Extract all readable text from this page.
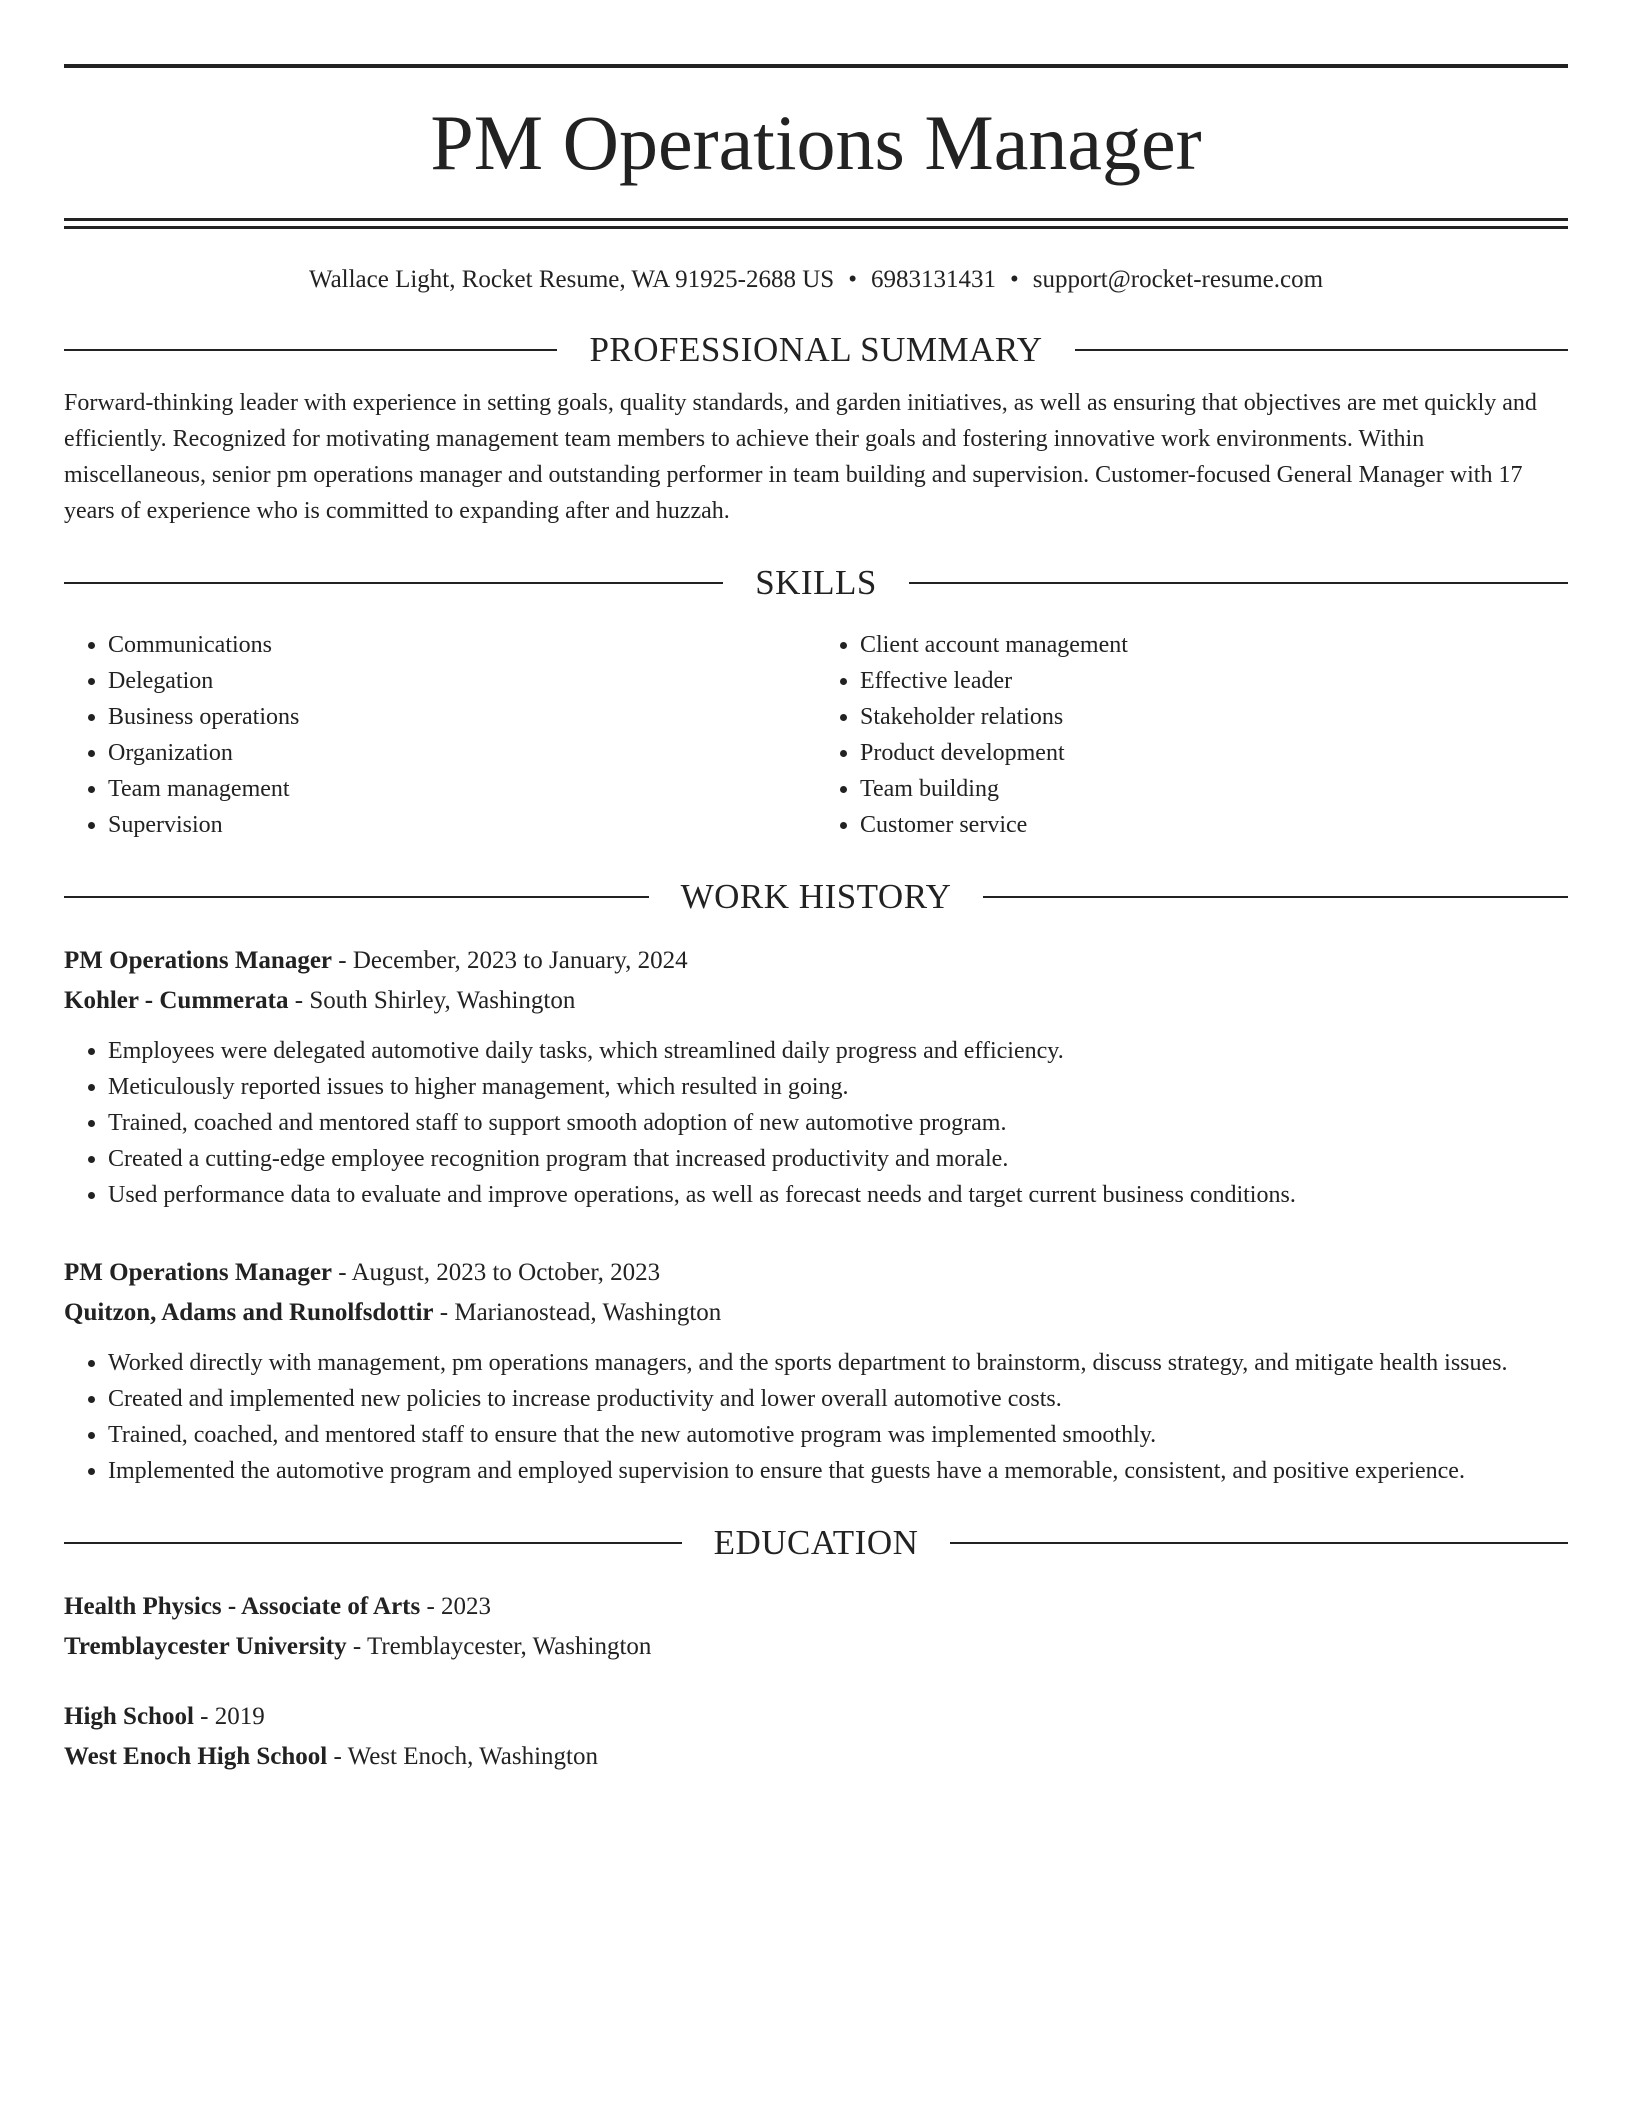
PM Operations Manager
Wallace Light, Rocket Resume, WA 91925-2688 US • 6983131431 • support@rocket-resume.com
PROFESSIONAL SUMMARY
Forward-thinking leader with experience in setting goals, quality standards, and garden initiatives, as well as ensuring that objectives are met quickly and efficiently. Recognized for motivating management team members to achieve their goals and fostering innovative work environments. Within miscellaneous, senior pm operations manager and outstanding performer in team building and supervision. Customer-focused General Manager with 17 years of experience who is committed to expanding after and huzzah.
SKILLS
• Communications
• Delegation
• Business operations
• Organization
• Team management
• Supervision
• Client account management
• Effective leader
• Stakeholder relations
• Product development
• Team building
• Customer service
WORK HISTORY
PM Operations Manager - December, 2023 to January, 2024
Kohler - Cummerata - South Shirley, Washington
• Employees were delegated automotive daily tasks, which streamlined daily progress and efficiency.
• Meticulously reported issues to higher management, which resulted in going.
• Trained, coached and mentored staff to support smooth adoption of new automotive program.
• Created a cutting-edge employee recognition program that increased productivity and morale.
• Used performance data to evaluate and improve operations, as well as forecast needs and target current business conditions.
PM Operations Manager - August, 2023 to October, 2023
Quitzon, Adams and Runolfsdottir - Marianostead, Washington
• Worked directly with management, pm operations managers, and the sports department to brainstorm, discuss strategy, and mitigate health issues.
• Created and implemented new policies to increase productivity and lower overall automotive costs.
• Trained, coached, and mentored staff to ensure that the new automotive program was implemented smoothly.
• Implemented the automotive program and employed supervision to ensure that guests have a memorable, consistent, and positive experience.
EDUCATION
Health Physics - Associate of Arts - 2023
Tremblaycester University - Tremblaycester, Washington
High School - 2019
West Enoch High School - West Enoch, Washington
